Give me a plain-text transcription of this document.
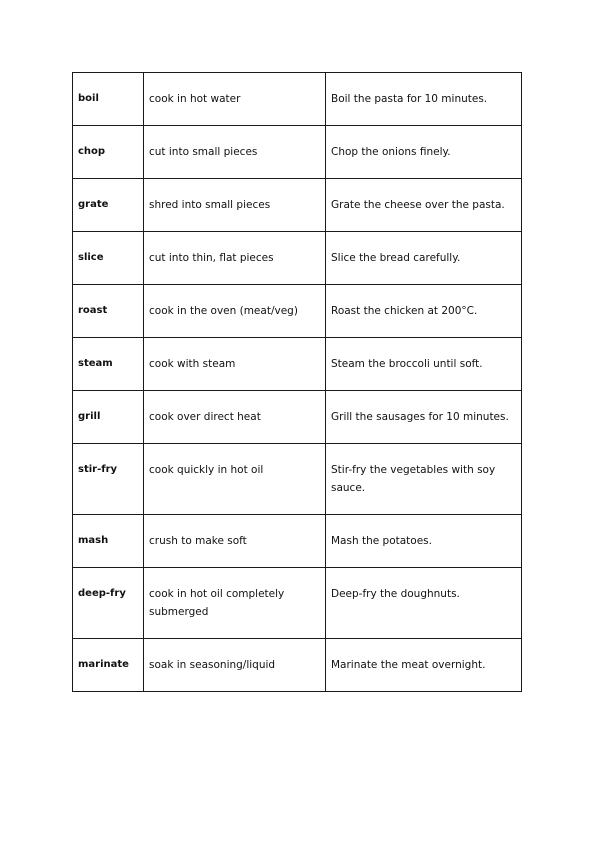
boil	cook in hot water	Boil the pasta for 10 minutes.
chop	cut into small pieces	Chop the onions finely.
grate	shred into small pieces	Grate the cheese over the pasta.
slice	cut into thin, flat pieces	Slice the bread carefully.
roast	cook in the oven (meat/veg)	Roast the chicken at 200°C.
steam	cook with steam	Steam the broccoli until soft.
grill	cook over direct heat	Grill the sausages for 10 minutes.
stir-fry	cook quickly in hot oil	Stir-fry the vegetables with soy sauce.
mash	crush to make soft	Mash the potatoes.
deep-fry	cook in hot oil completely submerged	Deep-fry the doughnuts.
marinate	soak in seasoning/liquid	Marinate the meat overnight.
